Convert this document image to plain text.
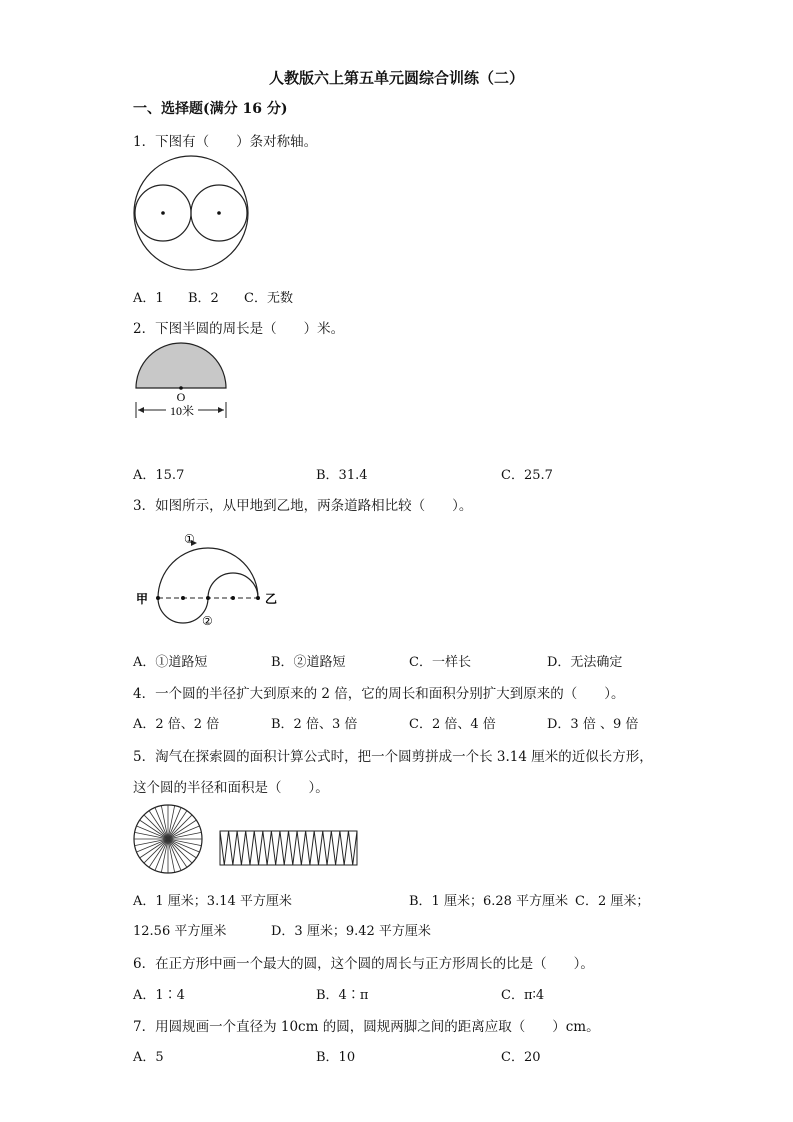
人教版六上第五单元圆综合训练（二）
一、选择题(满分 16 分)
1．下图有（　　）条对称轴。
A．1 B．2 C．无数
2．下图半圆的周长是（　　）米。
O
10米
A．15.7	B．31.4	C．25.7
3．如图所示，从甲地到乙地，两条道路相比较（　　）。
甲	乙
①
②
A．①道路短	B．②道路短	C．一样长	D．无法确定
4．一个圆的半径扩大到原来的 2 倍，它的周长和面积分别扩大到原来的（　　）。
A．2 倍、2 倍	B．2 倍、3 倍	C．2 倍、4 倍	D．3 倍 、9 倍
5．淘气在探索圆的面积计算公式时，把一个圆剪拼成一个长 3.14 厘米的近似长方形，
这个圆的半径和面积是（　　）。
A．1 厘米；3.14 平方厘米	B．1 厘米；6.28 平方厘米 C．2 厘米；
12.56 平方厘米	D．3 厘米；9.42 平方厘米
6．在正方形中画一个最大的圆，这个圆的周长与正方形周长的比是（　　）。
A．1∶4	B．4∶π	C．π∶4
7．用圆规画一个直径为 10cm 的圆，圆规两脚之间的距离应取（　　）cm。
A．5	B．10	C．20
